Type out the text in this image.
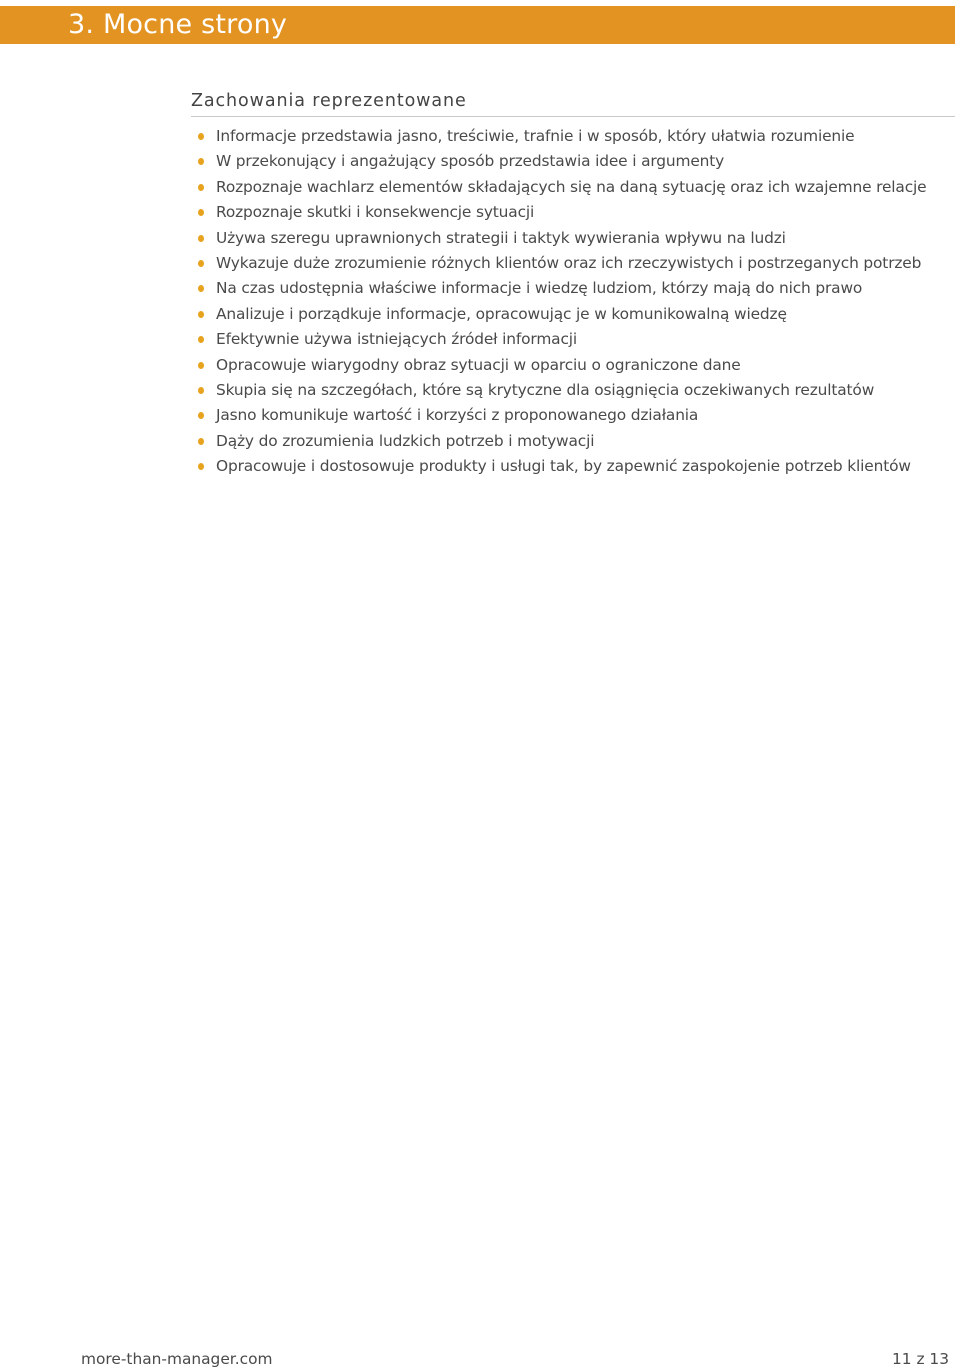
3. Mocne strony
Zachowania reprezentowane
Informacje przedstawia jasno, treściwie, trafnie i w sposób, który ułatwia rozumienie
W przekonujący i angażujący sposób przedstawia idee i argumenty
Rozpoznaje wachlarz elementów składających się na daną sytuację oraz ich wzajemne relacje
Rozpoznaje skutki i konsekwencje sytuacji
Używa szeregu uprawnionych strategii i taktyk wywierania wpływu na ludzi
Wykazuje duże zrozumienie różnych klientów oraz ich rzeczywistych i postrzeganych potrzeb
Na czas udostępnia właściwe informacje i wiedzę ludziom, którzy mają do nich prawo
Analizuje i porządkuje informacje, opracowując je w komunikowalną wiedzę
Efektywnie używa istniejących źródeł informacji
Opracowuje wiarygodny obraz sytuacji w oparciu o ograniczone dane
Skupia się na szczegółach, które są krytyczne dla osiągnięcia oczekiwanych rezultatów
Jasno komunikuje wartość i korzyści z proponowanego działania
Dąży do zrozumienia ludzkich potrzeb i motywacji
Opracowuje i dostosowuje produkty i usługi tak, by zapewnić zaspokojenie potrzeb klientów
more-than-manager.com	11 z 13
